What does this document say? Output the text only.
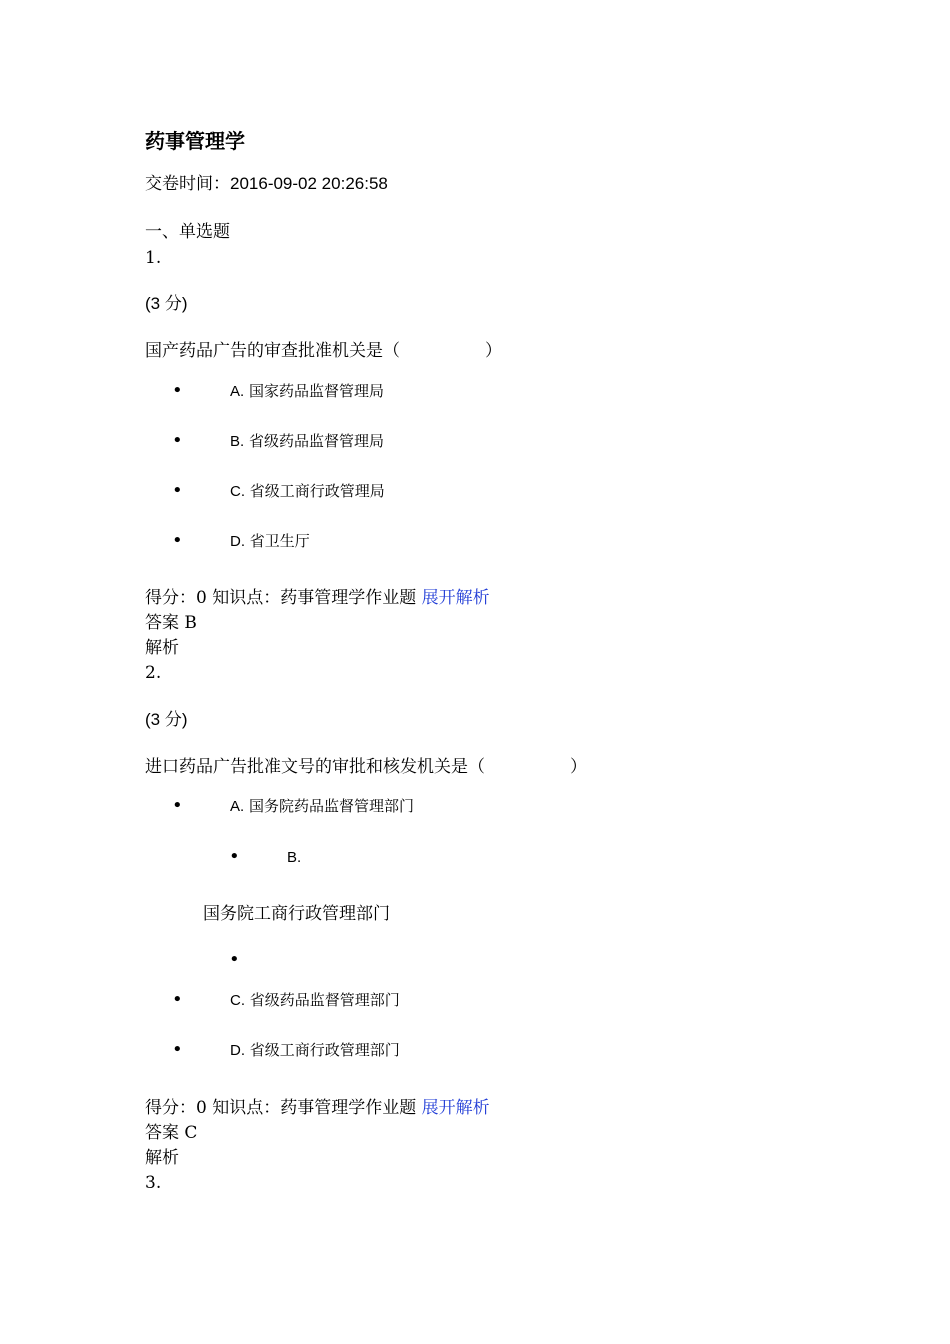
药事管理学
交卷时间：2016-09-02 20:26:58
一、单选题
1.
(3 分)
国产药品广告的审查批准机关是（　　　　　）
•	A. 国家药品监督管理局
•	B. 省级药品监督管理局
•	C. 省级工商行政管理局
•	D. 省卫生厅
得分：0 知识点：药事管理学作业题 展开解析
答案 B
解析
2.
(3 分)
进口药品广告批准文号的审批和核发机关是（　　　　　）
•	A. 国务院药品监督管理部门
•	B.
国务院工商行政管理部门
•
•	C. 省级药品监督管理部门
•	D. 省级工商行政管理部门
得分：0 知识点：药事管理学作业题 展开解析
答案 C
解析
3.
